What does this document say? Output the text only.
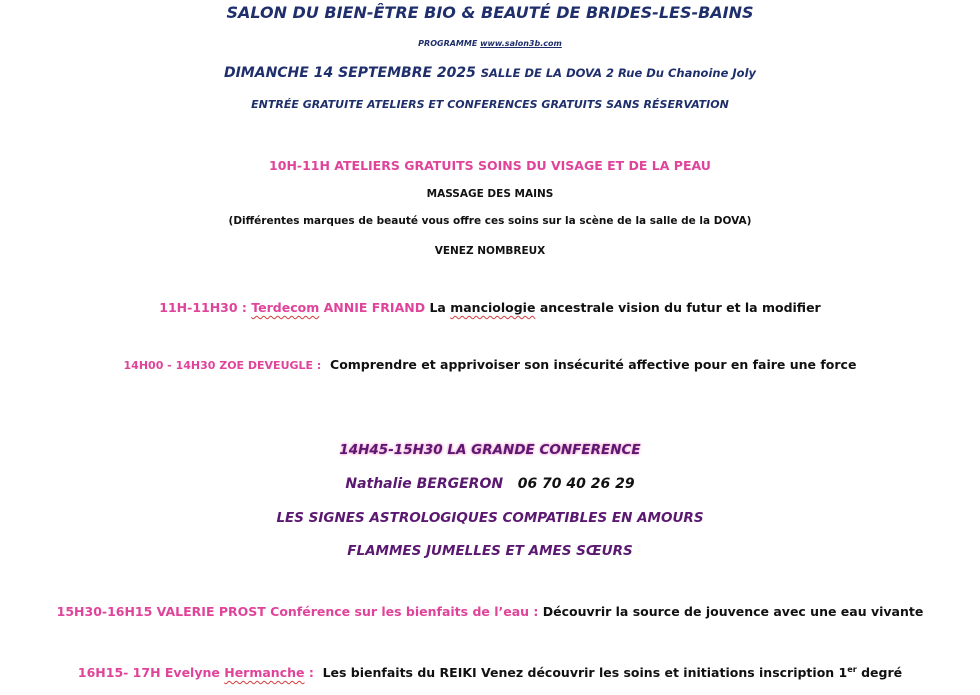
SALON DU BIEN-ÊTRE BIO & BEAUTÉ DE BRIDES-LES-BAINS
PROGRAMME www.salon3b.com
DIMANCHE 14 SEPTEMBRE 2025 SALLE DE LA DOVA 2 Rue Du Chanoine Joly
ENTRÉE GRATUITE ATELIERS ET CONFERENCES GRATUITS SANS RÉSERVATION
10H-11H ATELIERS GRATUITS SOINS DU VISAGE ET DE LA PEAU
MASSAGE DES MAINS
(Différentes marques de beauté vous offre ces soins sur la scène de la salle de la DOVA)
VENEZ NOMBREUX
11H-11H30 : Terdecom ANNIE FRIAND La manciologie ancestrale vision du futur et la modifier
14H00 - 14H30 ZOE DEVEUGLE : Comprendre et apprivoiser son insécurité affective pour en faire une force
14H45-15H30 LA GRANDE CONFERENCE
Nathalie BERGERON 06 70 40 26 29
LES SIGNES ASTROLOGIQUES COMPATIBLES EN AMOURS
FLAMMES JUMELLES ET AMES SŒURS
15H30-16H15 VALERIE PROST Conférence sur les bienfaits de l’eau : Découvrir la source de jouvence avec une eau vivante
16H15- 17H Evelyne Hermanche : Les bienfaits du REIKI Venez découvrir les soins et initiations inscription 1er degré
